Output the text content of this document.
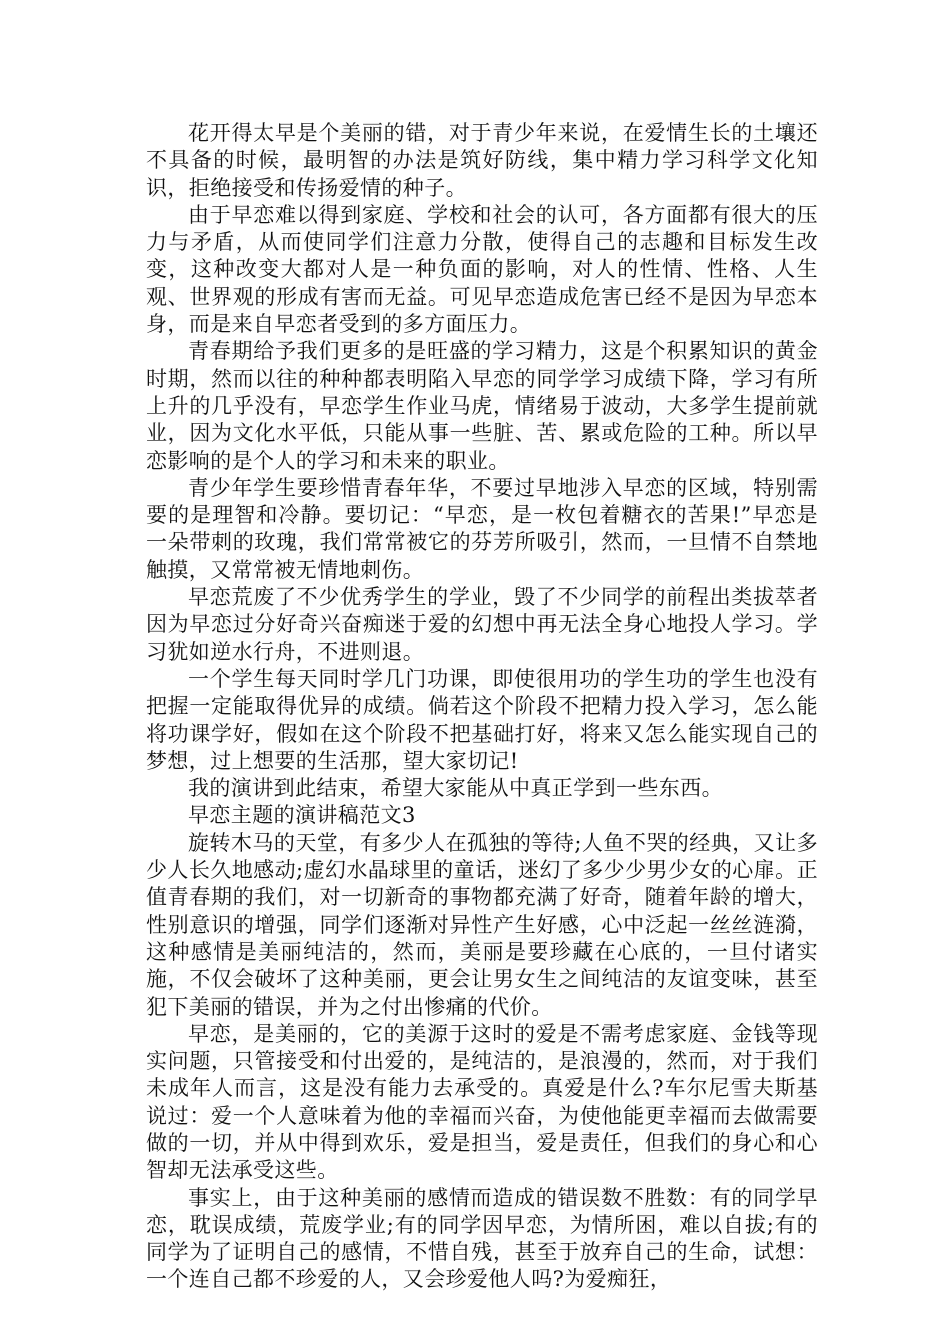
花开得太早是个美丽的错，对于青少年来说，在爱情生长的土壤还不具备的时候，最明智的办法是筑好防线，集中精力学习科学文化知识，拒绝接受和传扬爱情的种子。

由于早恋难以得到家庭、学校和社会的认可，各方面都有很大的压力与矛盾，从而使同学们注意力分散，使得自己的志趣和目标发生改变，这种改变大都对人是一种负面的影响，对人的性情、性格、人生观、世界观的形成有害而无益。可见早恋造成危害已经不是因为早恋本身，而是来自早恋者受到的多方面压力。

青春期给予我们更多的是旺盛的学习精力，这是个积累知识的黄金时期，然而以往的种种都表明陷入早恋的同学学习成绩下降，学习有所上升的几乎没有，早恋学生作业马虎，情绪易于波动，大多学生提前就业，因为文化水平低，只能从事一些脏、苦、累或危险的工种。所以早恋影响的是个人的学习和未来的职业。

青少年学生要珍惜青春年华，不要过早地涉入早恋的区域，特别需要的是理智和冷静。要切记：“早恋，是一枚包着糖衣的苦果!”早恋是一朵带刺的玫瑰，我们常常被它的芬芳所吸引，然而，一旦情不自禁地触摸，又常常被无情地刺伤。

早恋荒废了不少优秀学生的学业，毁了不少同学的前程出类拔萃者因为早恋过分好奇兴奋痴迷于爱的幻想中再无法全身心地投人学习。学习犹如逆水行舟，不进则退。

一个学生每天同时学几门功课，即使很用功的学生功的学生也没有把握一定能取得优异的成绩。倘若这个阶段不把精力投入学习，怎么能将功课学好，假如在这个阶段不把基础打好，将来又怎么能实现自己的梦想，过上想要的生活那，望大家切记!

我的演讲到此结束，希望大家能从中真正学到一些东西。

早恋主题的演讲稿范文3

旋转木马的天堂，有多少人在孤独的等待;人鱼不哭的经典，又让多少人长久地感动;虚幻水晶球里的童话，迷幻了多少少男少女的心扉。正值青春期的我们，对一切新奇的事物都充满了好奇，随着年龄的增大，性别意识的增强，同学们逐渐对异性产生好感，心中泛起一丝丝涟漪，这种感情是美丽纯洁的，然而，美丽是要珍藏在心底的，一旦付诸实施，不仅会破坏了这种美丽，更会让男女生之间纯洁的友谊变味，甚至犯下美丽的错误，并为之付出惨痛的代价。

早恋，是美丽的，它的美源于这时的爱是不需考虑家庭、金钱等现实问题，只管接受和付出爱的，是纯洁的，是浪漫的，然而，对于我们未成年人而言，这是没有能力去承受的。真爱是什么?车尔尼雪夫斯基说过：爱一个人意味着为他的幸福而兴奋，为使他能更幸福而去做需要做的一切，并从中得到欢乐，爱是担当，爱是责任，但我们的身心和心智却无法承受这些。

事实上，由于这种美丽的感情而造成的错误数不胜数：有的同学早恋，耽误成绩，荒废学业;有的同学因早恋，为情所困，难以自拔;有的同学为了证明自己的感情，不惜自残，甚至于放弃自己的生命，试想：一个连自己都不珍爱的人，又会珍爱他人吗?为爱痴狂，
